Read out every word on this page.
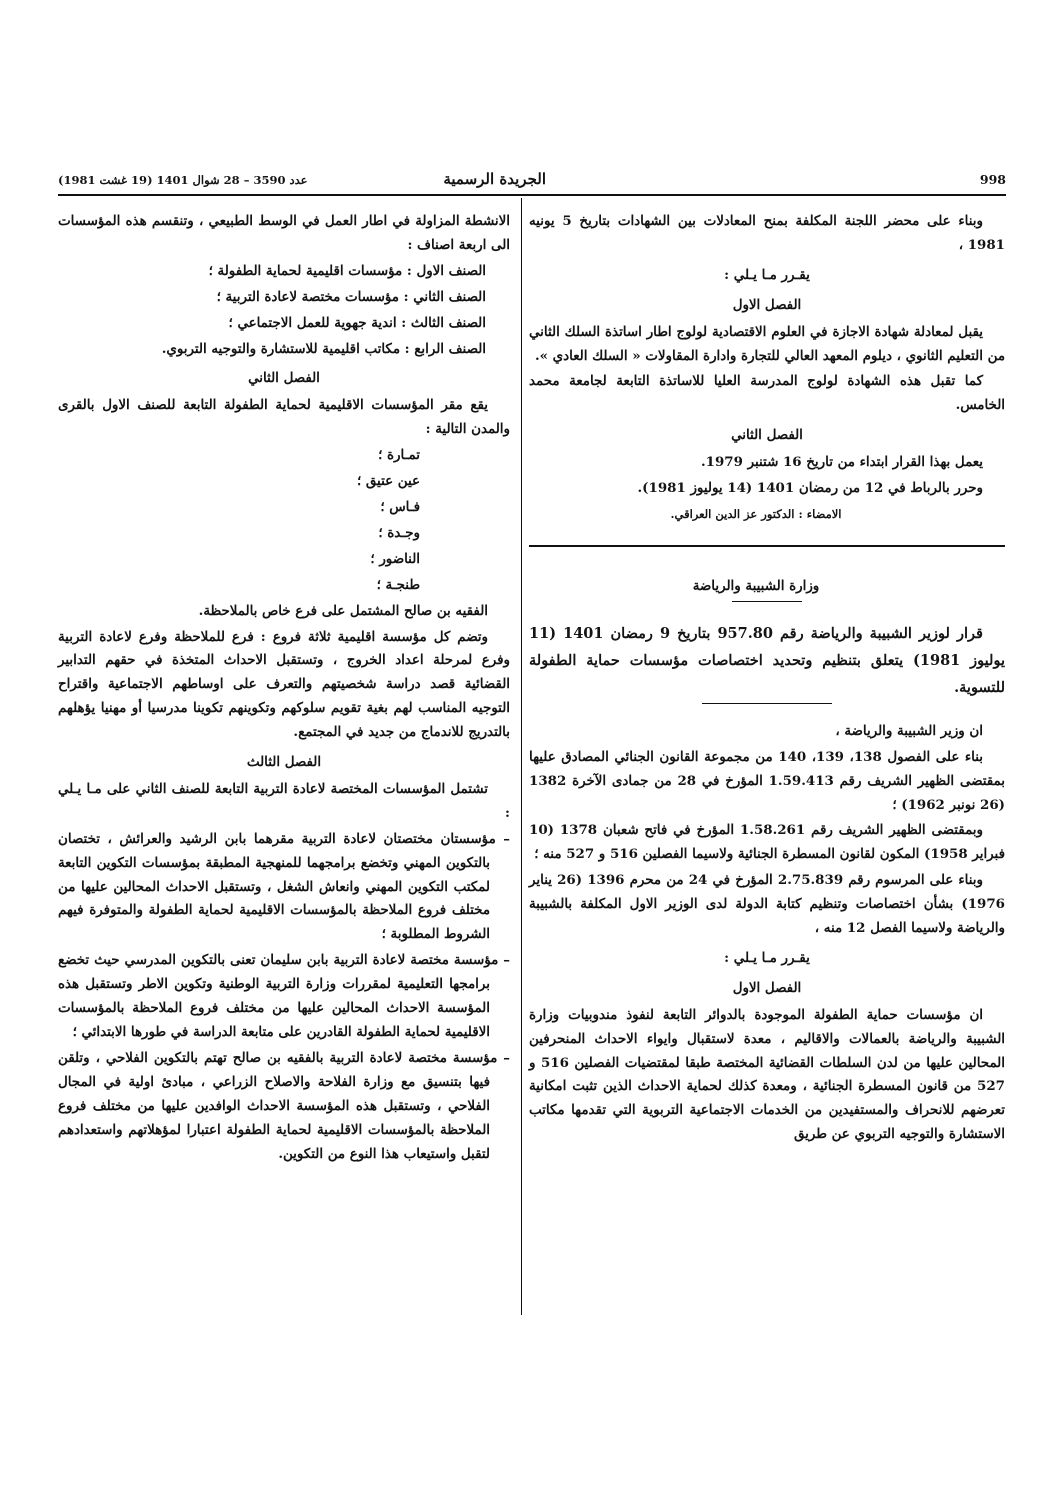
998
الجريدة الرسمية
عدد 3590 – 28 شوال 1401 (19 غشت 1981)

وبناء على محضر اللجنة المكلفة بمنح المعادلات بين الشهادات بتاريخ 5 يونيه 1981 ،

يقـرر مـا يـلي :
الفصل الاول

يقبل لمعادلة شهادة الاجازة في العلوم الاقتصادية لولوج اطار اساتذة السلك الثاني من التعليم الثانوي ، ديلوم المعهد العالي للتجارة وادارة المقاولات « السلك العادي ».

كما تقبل هذه الشهادة لولوج المدرسة العليا للاساتذة التابعة لجامعة محمد الخامس.

الفصل الثاني

يعمل بهذا القرار ابتداء من تاريخ 16 شتنبر 1979.

وحرر بالرباط في 12 من رمضان 1401 (14 يوليوز 1981).

الامضاء : الدكتور عز الدين العراقي.

وزارة الشبيبة والرياضة

قرار لوزير الشبيبة والرياضة رقم 957.80 بتاريخ 9 رمضان 1401 (11 يوليوز 1981) يتعلق بتنظيم وتحديد اختصاصات مؤسسات حماية الطفولة للتسوية.

ان وزير الشبيبة والرياضة ،

بناء على الفصول 138، 139، 140 من مجموعة القانون الجنائي المصادق عليها بمقتضى الظهير الشريف رقم 1.59.413 المؤرخ في 28 من جمادى الآخرة 1382 (26 نونبر 1962) ؛

وبمقتضى الظهير الشريف رقم 1.58.261 المؤرخ في فاتح شعبان 1378 (10 فبراير 1958) المكون لقانون المسطرة الجنائية ولاسيما الفصلين 516 و 527 منه ؛

وبناء على المرسوم رقم 2.75.839 المؤرخ في 24 من محرم 1396 (26 يناير 1976) بشأن اختصاصات وتنظيم كتابة الدولة لدى الوزير الاول المكلفة بالشبيبة والرياضة ولاسيما الفصل 12 منه ،

يقـرر مـا يـلي :
الفصل الاول

ان مؤسسات حماية الطفولة الموجودة بالدوائر التابعة لنفوذ مندوبيات وزارة الشبيبة والرياضة بالعمالات والاقاليم ، معدة لاستقبال وايواء الاحداث المنحرفين المحالين عليها من لدن السلطات القضائية المختصة طبقا لمقتضيات الفصلين 516 و 527 من قانون المسطرة الجنائية ، ومعدة كذلك لحماية الاحداث الذين تثبت امكانية تعرضهم للانحراف والمستفيدين من الخدمات الاجتماعية التربوية التي تقدمها مكاتب الاستشارة والتوجيه التربوي عن طريق

الانشطة المزاولة في اطار العمل في الوسط الطبيعي ، وتنقسم هذه المؤسسات الى اربعة اصناف :

الصنف الاول : مؤسسات اقليمية لحماية الطفولة ؛

الصنف الثاني : مؤسسات مختصة لاعادة التربية ؛

الصنف الثالث : اندية جهوية للعمل الاجتماعي ؛

الصنف الرابع : مكاتب اقليمية للاستشارة والتوجيه التربوي.

الفصل الثاني

يقع مقر المؤسسات الاقليمية لحماية الطفولة التابعة للصنف الاول بالقرى والمدن التالية :

تمـارة ؛

عين عتيق ؛

فـاس ؛

وجـدة ؛

الناضور ؛

طنجـة ؛

الفقيه بن صالح المشتمل على فرع خاص بالملاحظة.

وتضم كل مؤسسة اقليمية ثلاثة فروع : فرع للملاحظة وفرع لاعادة التربية وفرع لمرحلة اعداد الخروج ، وتستقبل الاحداث المتخذة في حقهم التدابير القضائية قصد دراسة شخصيتهم والتعرف على اوساطهم الاجتماعية واقتراح التوجيه المناسب لهم بغية تقويم سلوكهم وتكوينهم تكوينا مدرسيا أو مهنيا يؤهلهم بالتدريج للاندماج من جديد في المجتمع.

الفصل الثالث

تشتمل المؤسسات المختصة لاعادة التربية التابعة للصنف الثاني على مـا يـلي :

– مؤسستان مختصتان لاعادة التربية مقرهما بابن الرشيد والعرائش ، تختصان بالتكوين المهني وتخضع برامجهما للمنهجية المطبقة بمؤسسات التكوين التابعة لمكتب التكوين المهني وانعاش الشغل ، وتستقبل الاحداث المحالين عليها من مختلف فروع الملاحظة بالمؤسسات الاقليمية لحماية الطفولة والمتوفرة فيهم الشروط المطلوبة ؛

– مؤسسة مختصة لاعادة التربية بابن سليمان تعنى بالتكوين المدرسي حيث تخضع برامجها التعليمية لمقررات وزارة التربية الوطنية وتكوين الاطر وتستقبل هذه المؤسسة الاحداث المحالين عليها من مختلف فروع الملاحظة بالمؤسسات الاقليمية لحماية الطفولة القادرين على متابعة الدراسة في طورها الابتدائي ؛

– مؤسسة مختصة لاعادة التربية بالفقيه بن صالح تهتم بالتكوين الفلاحي ، وتلقن فيها بتنسيق مع وزارة الفلاحة والاصلاح الزراعي ، مبادئ اولية في المجال الفلاحي ، وتستقبل هذه المؤسسة الاحداث الوافدين عليها من مختلف فروع الملاحظة بالمؤسسات الاقليمية لحماية الطفولة اعتبارا لمؤهلاتهم واستعدادهم لتقبل واستيعاب هذا النوع من التكوين.
